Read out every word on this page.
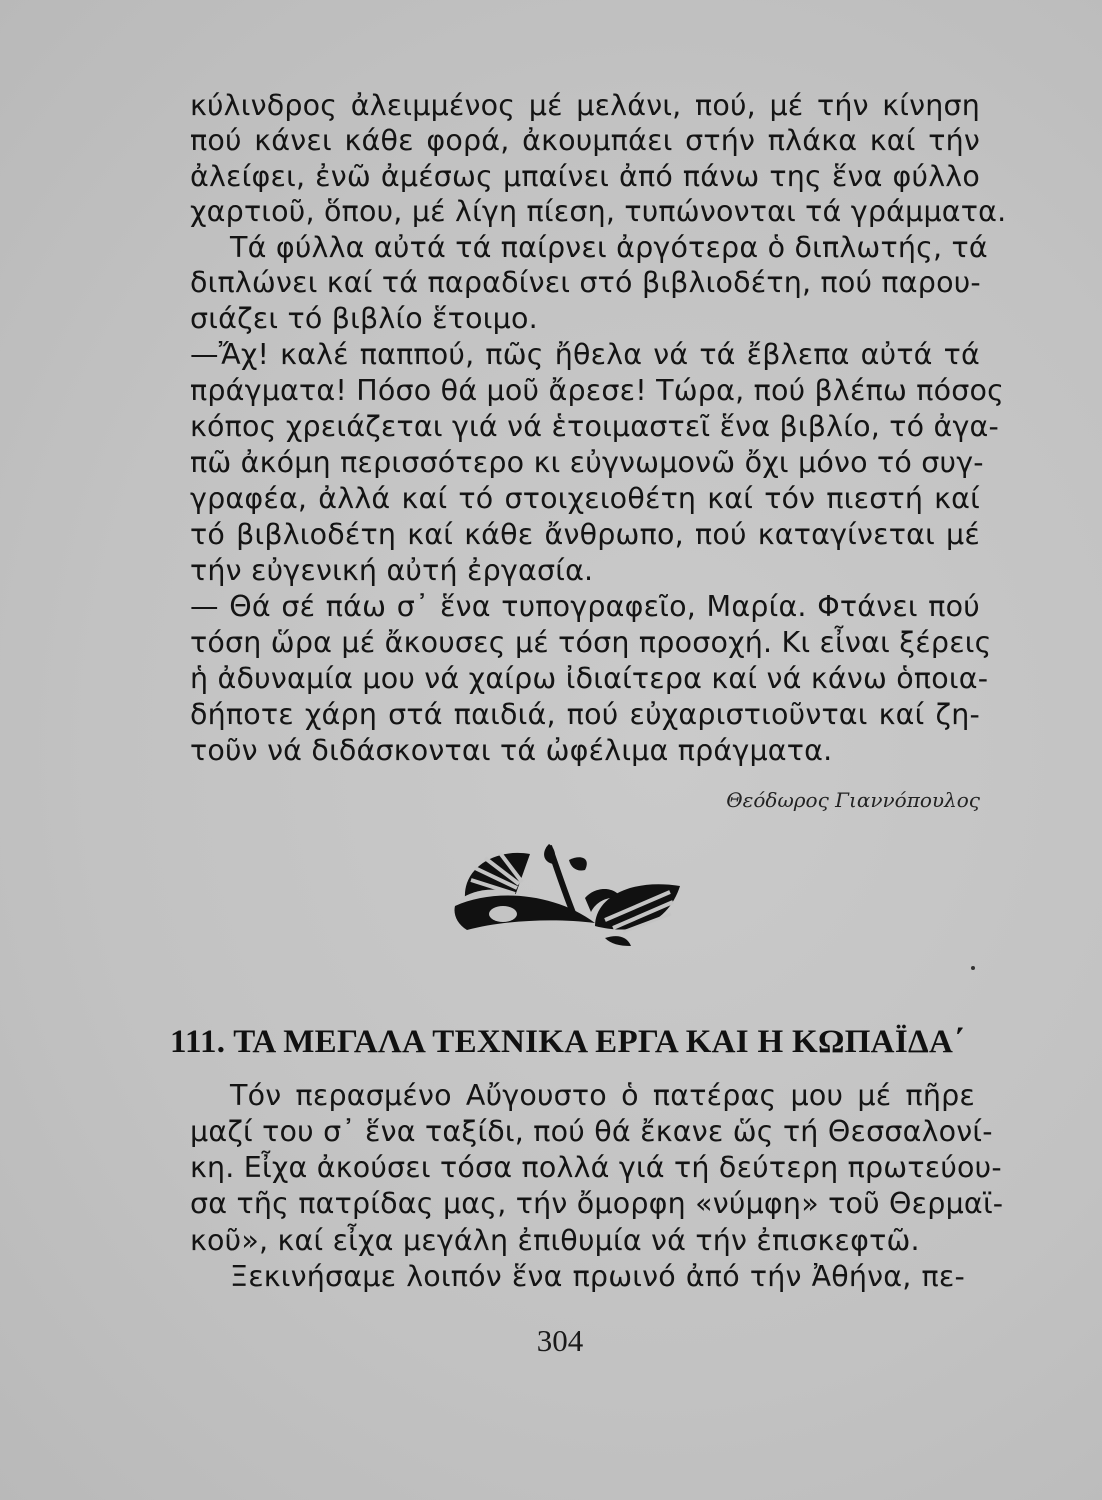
κύλινδρος ἀλειμμένος μέ μελάνι, πού, μέ τήν κίνηση
πού κάνει κάθε φορά, ἀκουμπάει στήν πλάκα καί τήν
ἀλείφει, ἐνῶ ἀμέσως μπαίνει ἀπό πάνω της ἕνα φύλλο
χαρτιοῦ, ὅπου, μέ λίγη πίεση, τυπώνονται τά γράμματα.
Τά φύλλα αὐτά τά παίρνει ἀργότερα ὁ διπλωτής, τά
διπλώνει καί τά παραδίνει στό βιβλιοδέτη, πού παρου-
σιάζει τό βιβλίο ἕτοιμο.
—Ἄχ! καλέ παππού, πῶς ἤθελα νά τά ἔβλεπα αὐτά τά
πράγματα! Πόσο θά μοῦ ἄρεσε! Τώρα, πού βλέπω πόσος
κόπος χρειάζεται γιά νά ἑτοιμαστεῖ ἕνα βιβλίο, τό ἀγα-
πῶ ἀκόμη περισσότερο κι εὐγνωμονῶ ὄχι μόνο τό συγ-
γραφέα, ἀλλά καί τό στοιχειοθέτη καί τόν πιεστή καί
τό βιβλιοδέτη καί κάθε ἄνθρωπο, πού καταγίνεται μέ
τήν εὐγενική αὐτή ἐργασία.
— Θά σέ πάω σ᾽ ἕνα τυπογραφεῖο, Μαρία. Φτάνει πού
τόση ὥρα μέ ἄκουσες μέ τόση προσοχή. Κι εἶναι ξέρεις
ἡ ἀδυναμία μου νά χαίρω ἰδιαίτερα καί νά κάνω ὁποια-
δήποτε χάρη στά παιδιά, πού εὐχαριστιοῦνται καί ζη-
τοῦν νά διδάσκονται τά ὠφέλιμα πράγματα.
Θεόδωρος Γιαννόπουλος
111. ΤΑ ΜΕΓΑΛΑ ΤΕΧΝΙΚΑ ΕΡΓΑ ΚΑΙ Η ΚΩΠΑΪΔΑ΄
Τόν περασμένο Αὔγουστο ὁ πατέρας μου μέ πῆρε
μαζί του σ᾽ ἕνα ταξίδι, πού θά ἔκανε ὥς τή Θεσσαλονί-
κη. Εἶχα ἀκούσει τόσα πολλά γιά τή δεύτερη πρωτεύου-
σα τῆς πατρίδας μας, τήν ὄμορφη «νύμφη» τοῦ Θερμαϊ-
κοῦ», καί εἶχα μεγάλη ἐπιθυμία νά τήν ἐπισκεφτῶ.
Ξεκινήσαμε λοιπόν ἕνα πρωινό ἀπό τήν Ἀθήνα, πε-
304
